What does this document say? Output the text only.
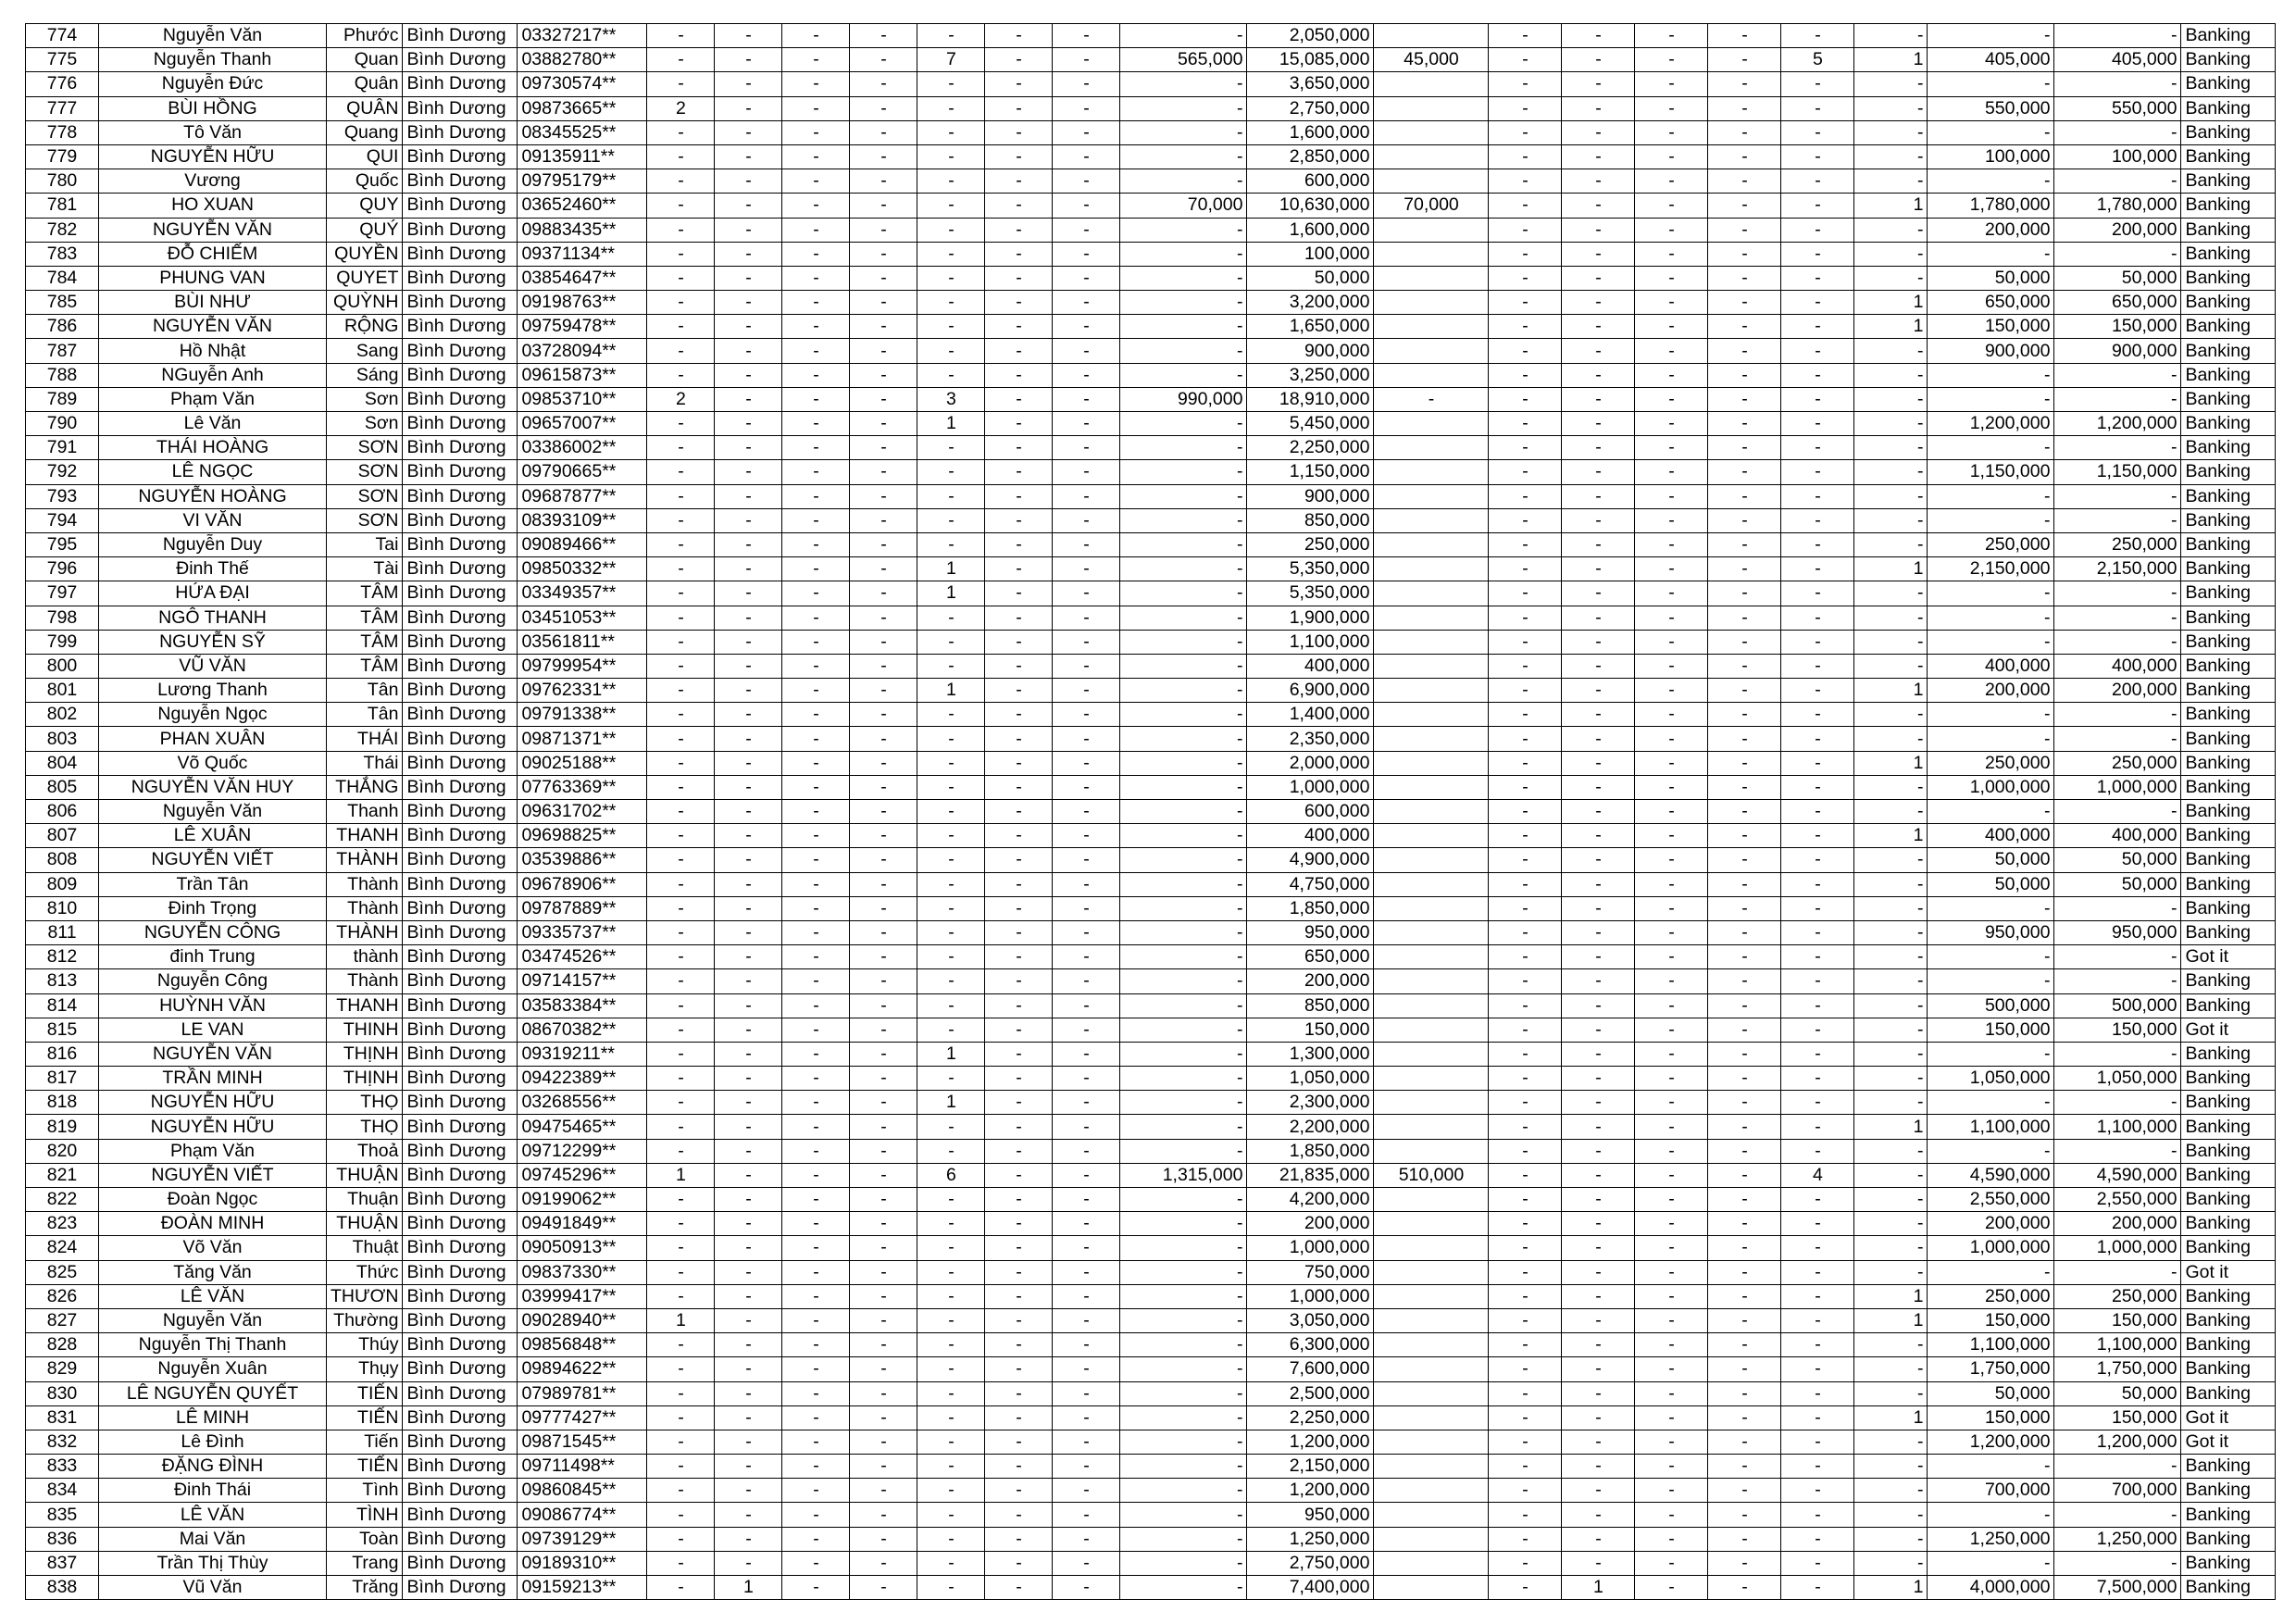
774	Nguyễn Văn	Phước	Bình Dương	03327217**	-	-	-	-	-	-	-	-	2,050,000		-	-	-	-	-	-	-	-	Banking
775	Nguyễn Thanh	Quan	Bình Dương	03882780**	-	-	-	-	7	-	-	565,000	15,085,000	45,000	-	-	-	-	5	1	405,000	405,000	Banking
776	Nguyễn Đức	Quân	Bình Dương	09730574**	-	-	-	-	-	-	-	-	3,650,000		-	-	-	-	-	-	-	-	Banking
777	BÙI HỒNG	QUÂN	Bình Dương	09873665**	2	-	-	-	-	-	-	-	2,750,000		-	-	-	-	-	-	550,000	550,000	Banking
778	Tô Văn	Quang	Bình Dương	08345525**	-	-	-	-	-	-	-	-	1,600,000		-	-	-	-	-	-	-	-	Banking
779	NGUYỄN HỮU	QUI	Bình Dương	09135911**	-	-	-	-	-	-	-	-	2,850,000		-	-	-	-	-	-	100,000	100,000	Banking
780	Vương	Quốc	Bình Dương	09795179**	-	-	-	-	-	-	-	-	600,000		-	-	-	-	-	-	-	-	Banking
781	HO XUAN	QUY	Bình Dương	03652460**	-	-	-	-	-	-	-	70,000	10,630,000	70,000	-	-	-	-	-	1	1,780,000	1,780,000	Banking
782	NGUYỄN VĂN	QUÝ	Bình Dương	09883435**	-	-	-	-	-	-	-	-	1,600,000		-	-	-	-	-	-	200,000	200,000	Banking
783	ĐỖ CHIẾM	QUYỀN	Bình Dương	09371134**	-	-	-	-	-	-	-	-	100,000		-	-	-	-	-	-	-	-	Banking
784	PHUNG VAN	QUYET	Bình Dương	03854647**	-	-	-	-	-	-	-	-	50,000		-	-	-	-	-	-	50,000	50,000	Banking
785	BÙI NHƯ	QUỲNH	Bình Dương	09198763**	-	-	-	-	-	-	-	-	3,200,000		-	-	-	-	-	1	650,000	650,000	Banking
786	NGUYỄN VĂN	RỘNG	Bình Dương	09759478**	-	-	-	-	-	-	-	-	1,650,000		-	-	-	-	-	1	150,000	150,000	Banking
787	Hồ Nhật	Sang	Bình Dương	03728094**	-	-	-	-	-	-	-	-	900,000		-	-	-	-	-	-	900,000	900,000	Banking
788	NGuyễn Anh	Sáng	Bình Dương	09615873**	-	-	-	-	-	-	-	-	3,250,000		-	-	-	-	-	-	-	-	Banking
789	Phạm Văn	Sơn	Bình Dương	09853710**	2	-	-	-	3	-	-	990,000	18,910,000	-	-	-	-	-	-	-	-	-	Banking
790	Lê Văn	Sơn	Bình Dương	09657007**	-	-	-	-	1	-	-	-	5,450,000		-	-	-	-	-	-	1,200,000	1,200,000	Banking
791	THÁI HOÀNG	SƠN	Bình Dương	03386002**	-	-	-	-	-	-	-	-	2,250,000		-	-	-	-	-	-	-	-	Banking
792	LÊ NGỌC	SƠN	Bình Dương	09790665**	-	-	-	-	-	-	-	-	1,150,000		-	-	-	-	-	-	1,150,000	1,150,000	Banking
793	NGUYỄN HOÀNG	SƠN	Bình Dương	09687877**	-	-	-	-	-	-	-	-	900,000		-	-	-	-	-	-	-	-	Banking
794	VI VĂN	SƠN	Bình Dương	08393109**	-	-	-	-	-	-	-	-	850,000		-	-	-	-	-	-	-	-	Banking
795	Nguyễn Duy	Tai	Bình Dương	09089466**	-	-	-	-	-	-	-	-	250,000		-	-	-	-	-	-	250,000	250,000	Banking
796	Đinh Thế	Tài	Bình Dương	09850332**	-	-	-	-	1	-	-	-	5,350,000		-	-	-	-	-	1	2,150,000	2,150,000	Banking
797	HỨA ĐẠI	TÂM	Bình Dương	03349357**	-	-	-	-	1	-	-	-	5,350,000		-	-	-	-	-	-	-	-	Banking
798	NGÔ THANH	TÂM	Bình Dương	03451053**	-	-	-	-	-	-	-	-	1,900,000		-	-	-	-	-	-	-	-	Banking
799	NGUYỄN SỸ	TÂM	Bình Dương	03561811**	-	-	-	-	-	-	-	-	1,100,000		-	-	-	-	-	-	-	-	Banking
800	VŨ VĂN	TÂM	Bình Dương	09799954**	-	-	-	-	-	-	-	-	400,000		-	-	-	-	-	-	400,000	400,000	Banking
801	Lương Thanh	Tân	Bình Dương	09762331**	-	-	-	-	1	-	-	-	6,900,000		-	-	-	-	-	1	200,000	200,000	Banking
802	Nguyễn Ngọc	Tân	Bình Dương	09791338**	-	-	-	-	-	-	-	-	1,400,000		-	-	-	-	-	-	-	-	Banking
803	PHAN XUÂN	THÁI	Bình Dương	09871371**	-	-	-	-	-	-	-	-	2,350,000		-	-	-	-	-	-	-	-	Banking
804	Võ Quốc	Thái	Bình Dương	09025188**	-	-	-	-	-	-	-	-	2,000,000		-	-	-	-	-	1	250,000	250,000	Banking
805	NGUYỄN VĂN HUY	THẮNG	Bình Dương	07763369**	-	-	-	-	-	-	-	-	1,000,000		-	-	-	-	-	-	1,000,000	1,000,000	Banking
806	Nguyễn Văn	Thanh	Bình Dương	09631702**	-	-	-	-	-	-	-	-	600,000		-	-	-	-	-	-	-	-	Banking
807	LÊ XUÂN	THANH	Bình Dương	09698825**	-	-	-	-	-	-	-	-	400,000		-	-	-	-	-	1	400,000	400,000	Banking
808	NGUYỄN VIẾT	THÀNH	Bình Dương	03539886**	-	-	-	-	-	-	-	-	4,900,000		-	-	-	-	-	-	50,000	50,000	Banking
809	Trần Tân	Thành	Bình Dương	09678906**	-	-	-	-	-	-	-	-	4,750,000		-	-	-	-	-	-	50,000	50,000	Banking
810	Đinh Trọng	Thành	Bình Dương	09787889**	-	-	-	-	-	-	-	-	1,850,000		-	-	-	-	-	-	-	-	Banking
811	NGUYỄN CÔNG	THÀNH	Bình Dương	09335737**	-	-	-	-	-	-	-	-	950,000		-	-	-	-	-	-	950,000	950,000	Banking
812	đinh Trung	thành	Bình Dương	03474526**	-	-	-	-	-	-	-	-	650,000		-	-	-	-	-	-	-	-	Got it
813	Nguyễn Công	Thành	Bình Dương	09714157**	-	-	-	-	-	-	-	-	200,000		-	-	-	-	-	-	-	-	Banking
814	HUỲNH VĂN	THANH	Bình Dương	03583384**	-	-	-	-	-	-	-	-	850,000		-	-	-	-	-	-	500,000	500,000	Banking
815	LE VAN	THINH	Bình Dương	08670382**	-	-	-	-	-	-	-	-	150,000		-	-	-	-	-	-	150,000	150,000	Got it
816	NGUYỄN VĂN	THỊNH	Bình Dương	09319211**	-	-	-	-	1	-	-	-	1,300,000		-	-	-	-	-	-	-	-	Banking
817	TRẦN MINH	THỊNH	Bình Dương	09422389**	-	-	-	-	-	-	-	-	1,050,000		-	-	-	-	-	-	1,050,000	1,050,000	Banking
818	NGUYỄN HỮU	THỌ	Bình Dương	03268556**	-	-	-	-	1	-	-	-	2,300,000		-	-	-	-	-	-	-	-	Banking
819	NGUYỄN HỮU	THỌ	Bình Dương	09475465**	-	-	-	-	-	-	-	-	2,200,000		-	-	-	-	-	1	1,100,000	1,100,000	Banking
820	Phạm Văn	Thoả	Bình Dương	09712299**	-	-	-	-	-	-	-	-	1,850,000		-	-	-	-	-	-	-	-	Banking
821	NGUYỄN VIẾT	THUẬN	Bình Dương	09745296**	1	-	-	-	6	-	-	1,315,000	21,835,000	510,000	-	-	-	-	4	-	4,590,000	4,590,000	Banking
822	Đoàn Ngọc	Thuận	Bình Dương	09199062**	-	-	-	-	-	-	-	-	4,200,000		-	-	-	-	-	-	2,550,000	2,550,000	Banking
823	ĐOÀN MINH	THUẬN	Bình Dương	09491849**	-	-	-	-	-	-	-	-	200,000		-	-	-	-	-	-	200,000	200,000	Banking
824	Võ Văn	Thuật	Bình Dương	09050913**	-	-	-	-	-	-	-	-	1,000,000		-	-	-	-	-	-	1,000,000	1,000,000	Banking
825	Tăng Văn	Thức	Bình Dương	09837330**	-	-	-	-	-	-	-	-	750,000		-	-	-	-	-	-	-	-	Got it
826	LÊ VĂN	THƯƠN	Bình Dương	03999417**	-	-	-	-	-	-	-	-	1,000,000		-	-	-	-	-	1	250,000	250,000	Banking
827	Nguyễn Văn	Thường	Bình Dương	09028940**	1	-	-	-	-	-	-	-	3,050,000		-	-	-	-	-	1	150,000	150,000	Banking
828	Nguyễn Thị Thanh	Thúy	Bình Dương	09856848**	-	-	-	-	-	-	-	-	6,300,000		-	-	-	-	-	-	1,100,000	1,100,000	Banking
829	Nguyễn Xuân	Thụy	Bình Dương	09894622**	-	-	-	-	-	-	-	-	7,600,000		-	-	-	-	-	-	1,750,000	1,750,000	Banking
830	LÊ NGUYỄN QUYẾT	TIẾN	Bình Dương	07989781**	-	-	-	-	-	-	-	-	2,500,000		-	-	-	-	-	-	50,000	50,000	Banking
831	LÊ MINH	TIẾN	Bình Dương	09777427**	-	-	-	-	-	-	-	-	2,250,000		-	-	-	-	-	1	150,000	150,000	Got it
832	Lê Đình	Tiến	Bình Dương	09871545**	-	-	-	-	-	-	-	-	1,200,000		-	-	-	-	-	-	1,200,000	1,200,000	Got it
833	ĐẶNG ĐÌNH	TIẾN	Bình Dương	09711498**	-	-	-	-	-	-	-	-	2,150,000		-	-	-	-	-	-	-	-	Banking
834	Đinh Thái	Tình	Bình Dương	09860845**	-	-	-	-	-	-	-	-	1,200,000		-	-	-	-	-	-	700,000	700,000	Banking
835	LÊ VĂN	TÌNH	Bình Dương	09086774**	-	-	-	-	-	-	-	-	950,000		-	-	-	-	-	-	-	-	Banking
836	Mai Văn	Toàn	Bình Dương	09739129**	-	-	-	-	-	-	-	-	1,250,000		-	-	-	-	-	-	1,250,000	1,250,000	Banking
837	Trần Thị Thùy	Trang	Bình Dương	09189310**	-	-	-	-	-	-	-	-	2,750,000		-	-	-	-	-	-	-	-	Banking
838	Vũ Văn	Trăng	Bình Dương	09159213**	-	1	-	-	-	-	-	-	7,400,000		-	1	-	-	-	1	4,000,000	7,500,000	Banking
